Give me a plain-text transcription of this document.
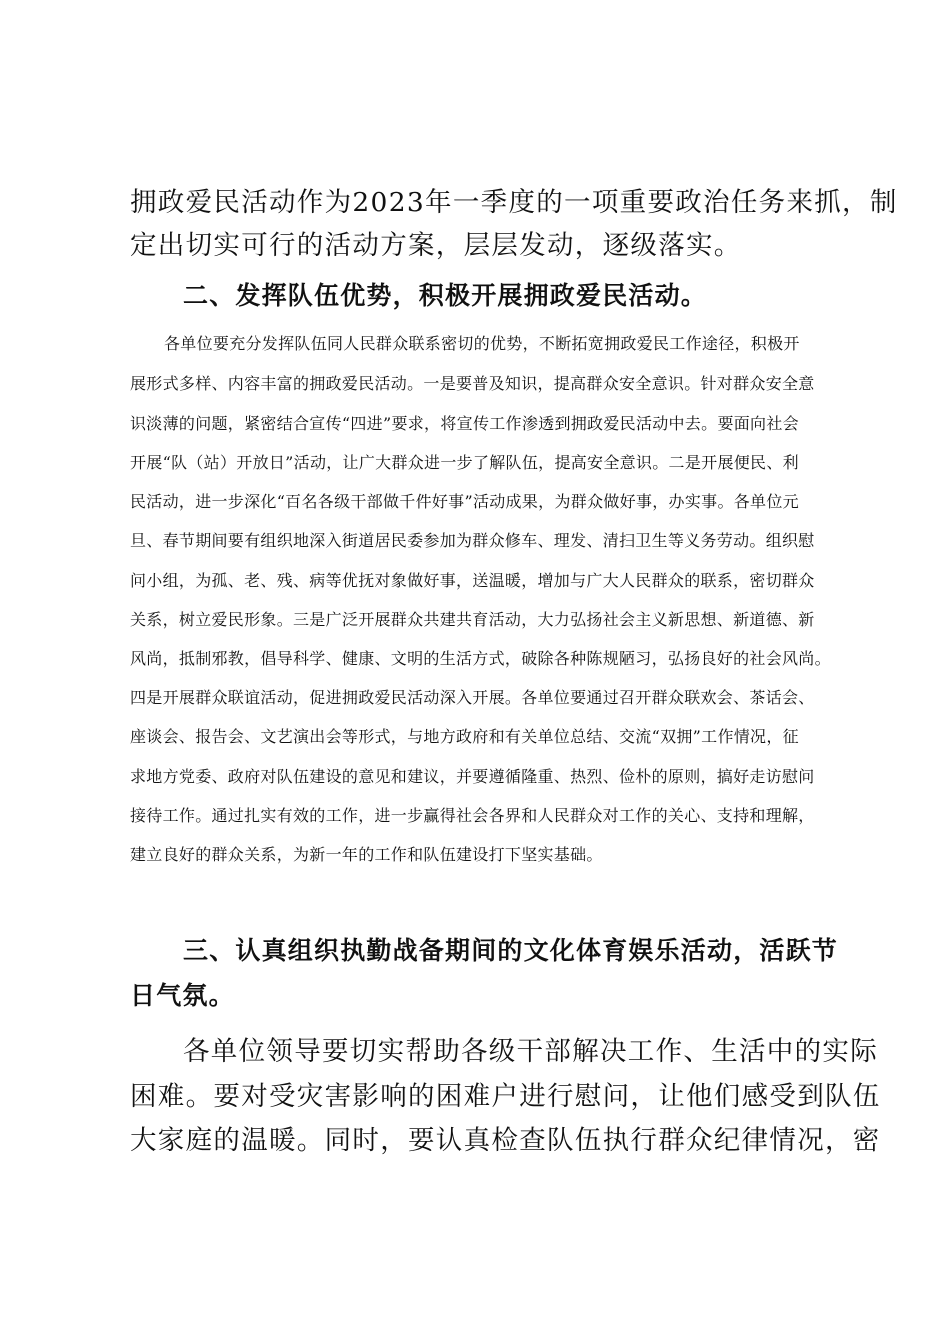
拥政爱民活动作为2023年一季度的一项重要政治任务来抓，制

定出切实可行的活动方案，层层发动，逐级落实。

二、发挥队伍优势，积极开展拥政爱民活动。

各单位要充分发挥队伍同人民群众联系密切的优势，不断拓宽拥政爱民工作途径，积极开

展形式多样、内容丰富的拥政爱民活动。一是要普及知识，提高群众安全意识。针对群众安全意

识淡薄的问题，紧密结合宣传“四进”要求，将宣传工作渗透到拥政爱民活动中去。要面向社会

开展“队（站）开放日”活动，让广大群众进一步了解队伍，提高安全意识。二是开展便民、利

民活动，进一步深化“百名各级干部做千件好事”活动成果，为群众做好事，办实事。各单位元

旦、春节期间要有组织地深入街道居民委参加为群众修车、理发、清扫卫生等义务劳动。组织慰

问小组，为孤、老、残、病等优抚对象做好事，送温暖，增加与广大人民群众的联系，密切群众

关系，树立爱民形象。三是广泛开展群众共建共育活动，大力弘扬社会主义新思想、新道德、新

风尚，抵制邪教，倡导科学、健康、文明的生活方式，破除各种陈规陋习，弘扬良好的社会风尚。

四是开展群众联谊活动，促进拥政爱民活动深入开展。各单位要通过召开群众联欢会、茶话会、

座谈会、报告会、文艺演出会等形式，与地方政府和有关单位总结、交流“双拥”工作情况，征

求地方党委、政府对队伍建设的意见和建议，并要遵循隆重、热烈、俭朴的原则，搞好走访慰问

接待工作。通过扎实有效的工作，进一步赢得社会各界和人民群众对工作的关心、支持和理解，

建立良好的群众关系，为新一年的工作和队伍建设打下坚实基础。

三、认真组织执勤战备期间的文化体育娱乐活动，活跃节

日气氛。

各单位领导要切实帮助各级干部解决工作、生活中的实际

困难。要对受灾害影响的困难户进行慰问，让他们感受到队伍

大家庭的温暖。同时，要认真检查队伍执行群众纪律情况，密
